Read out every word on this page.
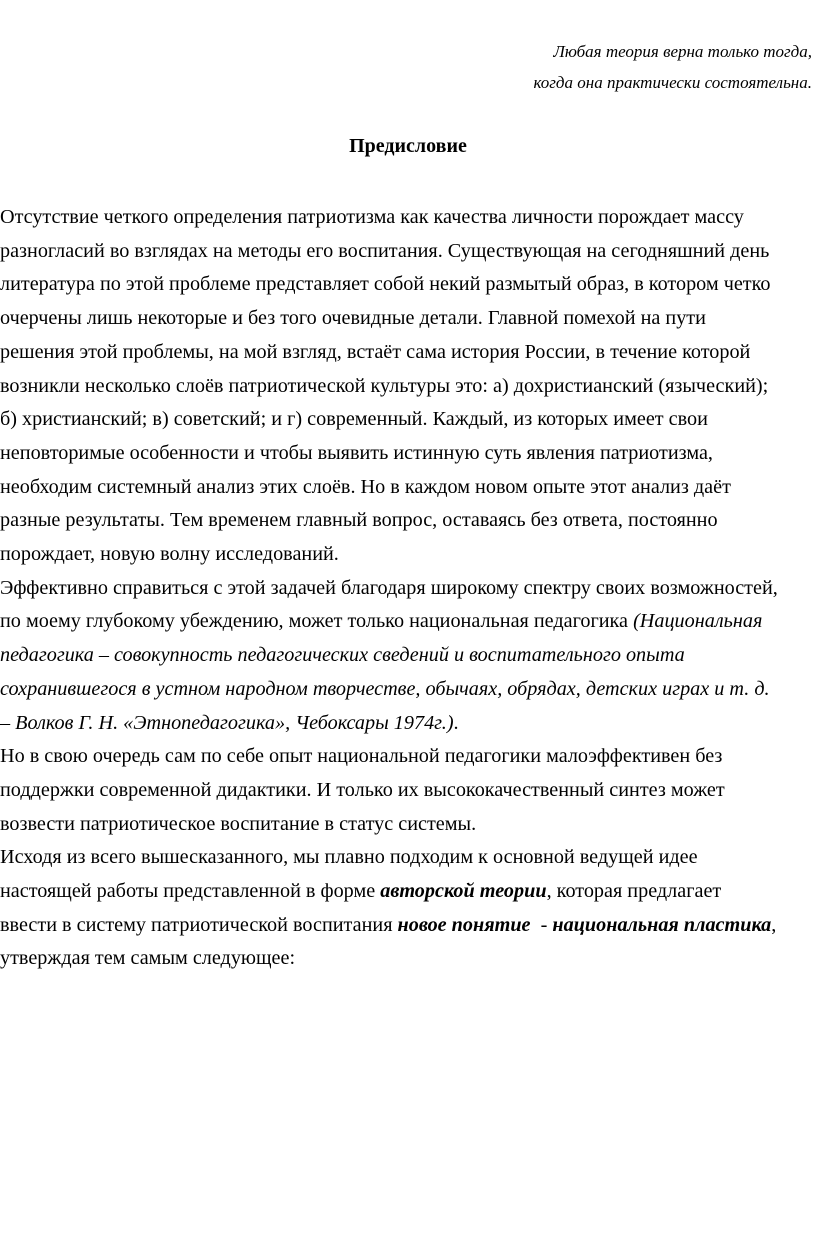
Любая теория верна только тогда,
когда она практически состоятельна.
Предисловие
Отсутствие четкого определения патриотизма как качества личности порождает массу
разногласий во взглядах на методы его воспитания. Существующая на сегодняшний день
литература по этой проблеме представляет собой некий размытый образ, в котором четко
очерчены лишь некоторые и без того очевидные детали. Главной помехой на пути
решения этой проблемы, на мой взгляд, встаёт сама история России, в течение которой
возникли несколько слоёв патриотической культуры это: а) дохристианский (языческий);
б) христианский; в) советский; и г) современный. Каждый, из которых имеет свои
неповторимые особенности и чтобы выявить истинную суть явления патриотизма,
необходим системный анализ этих слоёв. Но в каждом новом опыте этот анализ даёт
разные результаты. Тем временем главный вопрос, оставаясь без ответа, постоянно
порождает, новую волну исследований.
Эффективно справиться с этой задачей благодаря широкому спектру своих возможностей,
по моему глубокому убеждению, может только национальная педагогика (Национальная
педагогика – совокупность педагогических сведений и воспитательного опыта
сохранившегося в устном народном творчестве, обычаях, обрядах, детских играх и т. д.
– Волков Г. Н. «Этнопедагогика», Чебоксары 1974г.).
Но в свою очередь сам по себе опыт национальной педагогики малоэффективен без
поддержки современной дидактики. И только их высококачественный синтез может
возвести патриотическое воспитание в статус системы.
Исходя из всего вышесказанного, мы плавно подходим к основной ведущей идее
настоящей работы представленной в форме авторской теории, которая предлагает
ввести в систему патриотической воспитания новое понятие  - национальная пластика,
утверждая тем самым следующее:
